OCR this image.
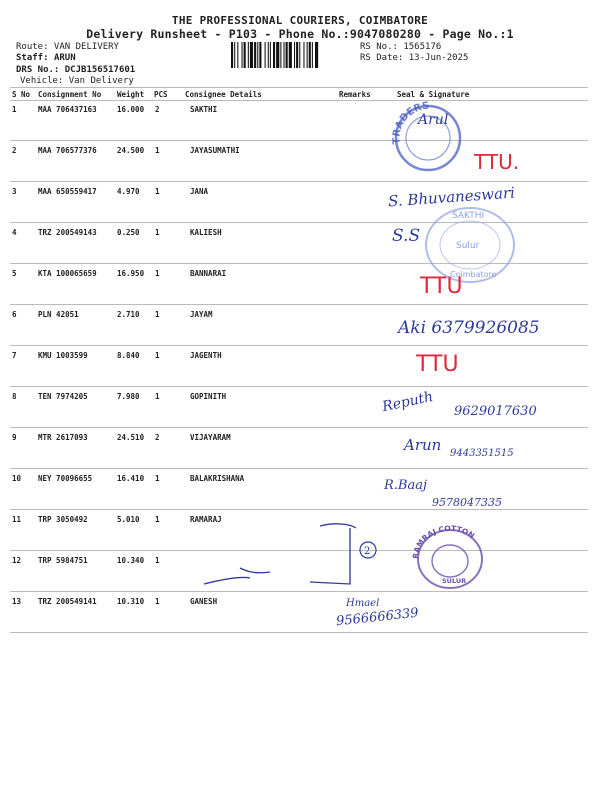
THE PROFESSIONAL COURIERS, COIMBATORE
Delivery Runsheet - P103 - Phone No.:9047080280 - Page No.:1
Route: VAN DELIVERY
Staff: ARUN
DRS No.: DCJB156517601
Vehicle: Van Delivery
RS No.: 1565176
RS Date: 13-Jun-2025
S No Consignment No Weight PCS Consignee Details	Remarks	Seal & Signature
1	MAA 706437163	16.000 2	SAKTHI
2	MAA 706577376	24.500 1	JAYASUMATHI
3	MAA 650559417	4.970 1	JANA
4	TRZ 200549143	0.250 1	KALIESH
5	KTA 100065659	16.950 1	BANNARAI
6	PLN 42051	2.710 1	JAYAM
7	KMU 1003599	8.840 1	JAGENTH
8	TEN 7974205	7.980 1	GOPINITH
9	MTR 2617093	24.510 2	VIJAYARAM
10 NEY 70096655	16.410 1	BALAKRISHANA
11 TRP 3050492	5.010 1	RAMARAJ
12 TRP 5984751	10.340 1
13 TRZ 200549141	10.310 1	GANESH
TRADERS
SAKTHI
Sulur
Coimbatore
RAMRAJ COTTON
SULUR
Arul
TTU.
S. Bhuvaneswari
S.S
TTU
Aki 6379926085
TTU
Reputh 9629017630
Arun 9443351515
R.Baaj
9578047335
2
Hmael
9566666339
